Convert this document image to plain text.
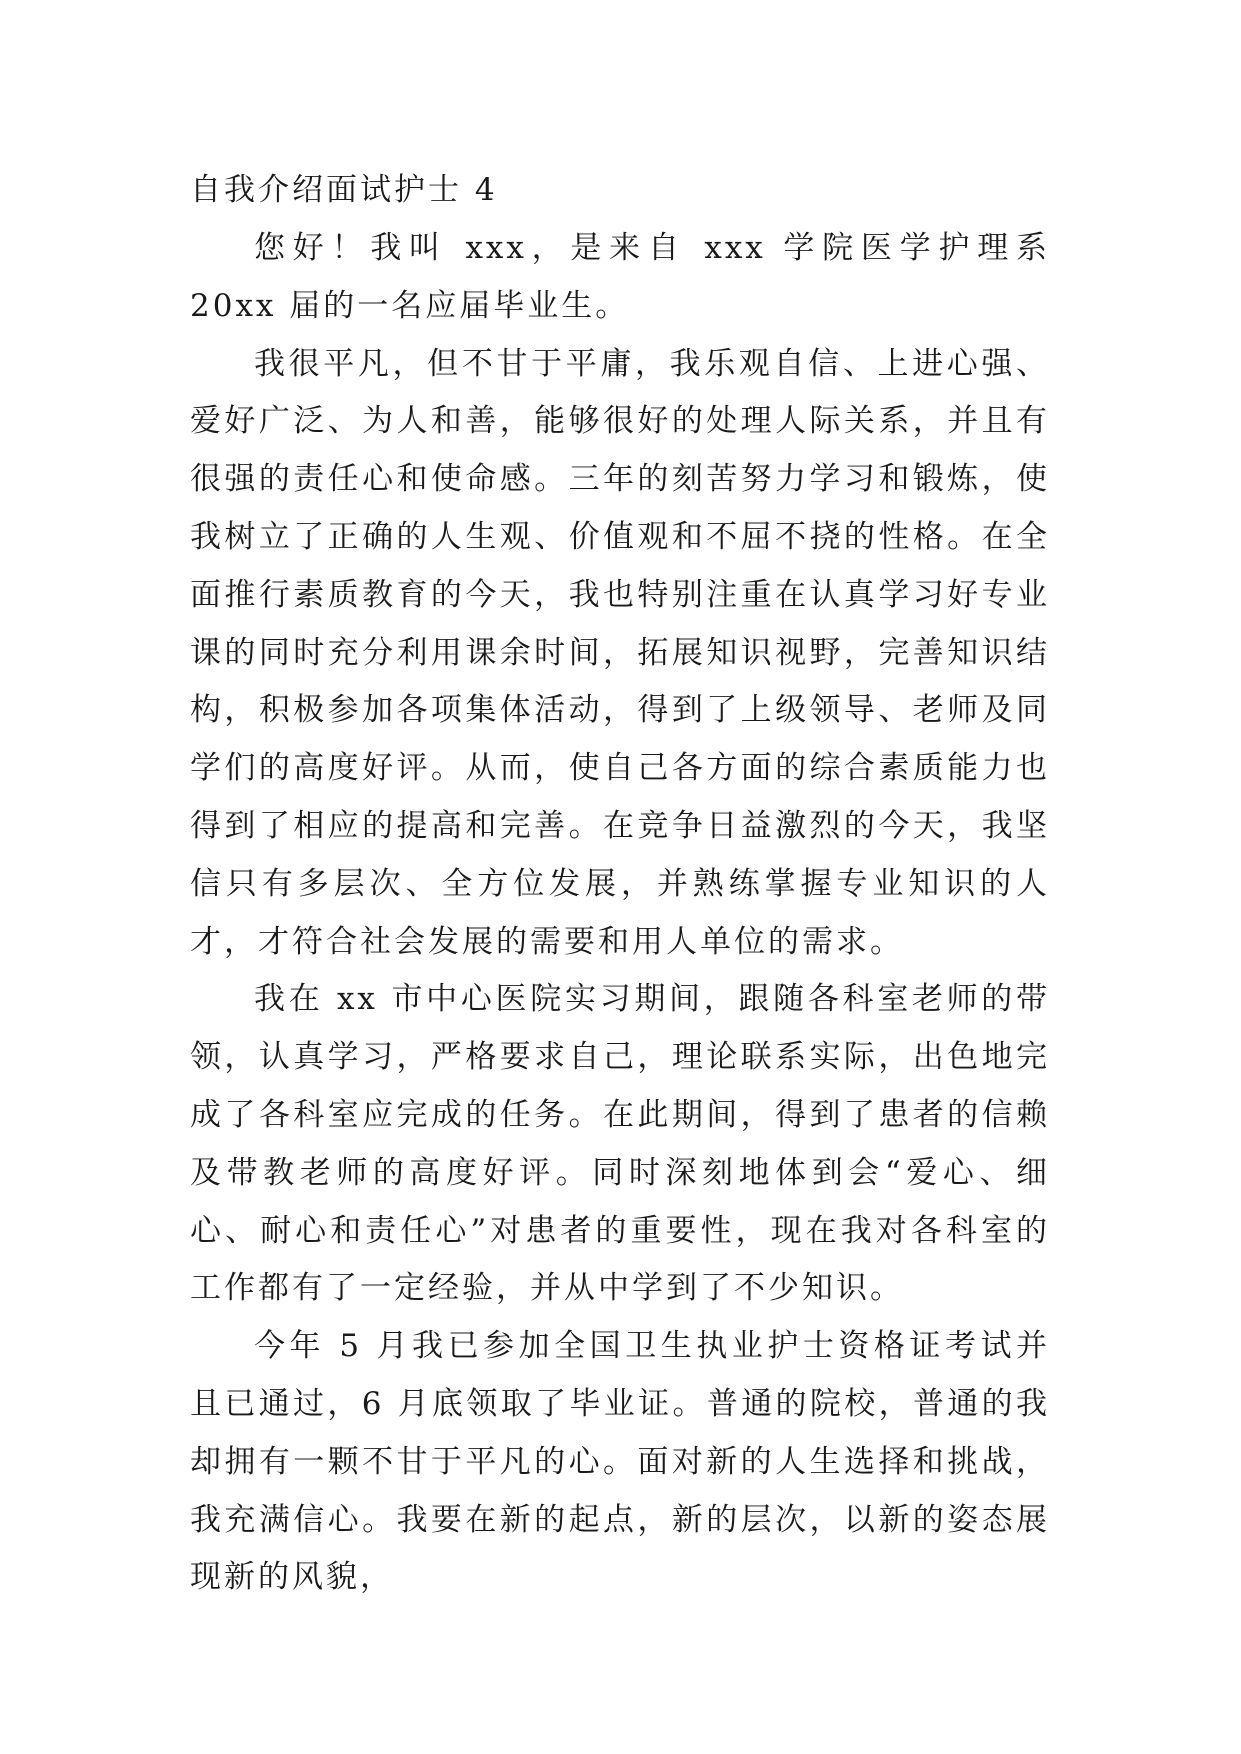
自我介绍面试护士 4

您好！我叫 xxx，是来自 xxx 学院医学护理系 20xx 届的一名应届毕业生。

我很平凡，但不甘于平庸，我乐观自信、上进心强、爱好广泛、为人和善，能够很好的处理人际关系，并且有很强的责任心和使命感。三年的刻苦努力学习和锻炼，使我树立了正确的人生观、价值观和不屈不挠的性格。在全面推行素质教育的今天，我也特别注重在认真学习好专业课的同时充分利用课余时间，拓展知识视野，完善知识结构，积极参加各项集体活动，得到了上级领导、老师及同学们的高度好评。从而，使自己各方面的综合素质能力也得到了相应的提高和完善。在竞争日益激烈的今天，我坚信只有多层次、全方位发展，并熟练掌握专业知识的人才，才符合社会发展的需要和用人单位的需求。

我在 xx 市中心医院实习期间，跟随各科室老师的带领，认真学习，严格要求自己，理论联系实际，出色地完成了各科室应完成的任务。在此期间，得到了患者的信赖及带教老师的高度好评。同时深刻地体到会“爱心、细心、耐心和责任心”对患者的重要性，现在我对各科室的工作都有了一定经验，并从中学到了不少知识。

今年 5 月我已参加全国卫生执业护士资格证考试并且已通过，6 月底领取了毕业证。普通的院校，普通的我却拥有一颗不甘于平凡的心。面对新的人生选择和挑战，我充满信心。我要在新的起点，新的层次，以新的姿态展现新的风貌，
